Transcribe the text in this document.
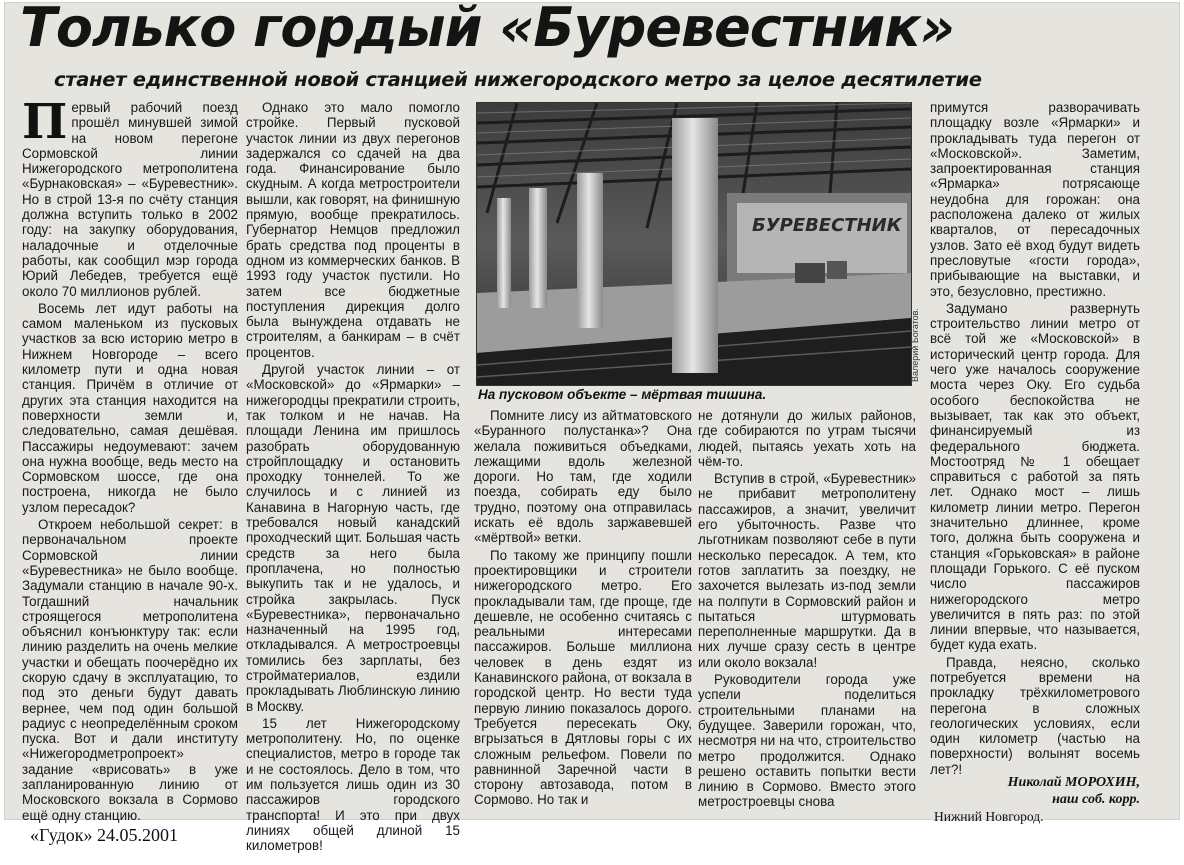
Только гордый «Буревестник»
станет единственной новой станцией нижегородского метро за целое десятилетие

Первый рабочий поезд прошёл минувшей зимой на новом перегоне Сормовской линии Нижегородского метрополитена «Бурнаковская» – «Буревестник». Но в строй 13-я по счёту станция должна вступить только в 2002 году: на закупку оборудования, наладочные и отделочные работы, как сообщил мэр города Юрий Лебедев, требуется ещё около 70 миллионов рублей.

Восемь лет идут работы на самом маленьком из пусковых участков за всю историю метро в Нижнем Новгороде – всего километр пути и одна новая станция. Причём в отличие от других эта станция находится на поверхности земли и, следовательно, самая дешёвая. Пассажиры недоумевают: зачем она нужна вообще, ведь место на Сормовском шоссе, где она построена, никогда не было узлом пересадок?

Откроем небольшой секрет: в первоначальном проекте Сормовской линии «Буревестника» не было вообще. Задумали станцию в начале 90-х. Тогдашний начальник строящегося метрополитена объяснил конъюнктуру так: если линию разделить на очень мелкие участки и обещать поочерёдно их скорую сдачу в эксплуатацию, то под это деньги будут давать вернее, чем под один большой радиус с неопределённым сроком пуска. Вот и дали институту «Нижегородметропроект» задание «врисовать» в уже запланированную линию от Московского вокзала в Сормово ещё одну станцию.

Однако это мало помогло стройке. Первый пусковой участок линии из двух перегонов задержался со сдачей на два года. Финансирование было скудным. А когда метростроители вышли, как говорят, на финишную прямую, вообще прекратилось. Губернатор Немцов предложил брать средства под проценты в одном из коммерческих банков. В 1993 году участок пустили. Но затем все бюджетные поступления дирекция долго была вынуждена отдавать не строителям, а банкирам – в счёт процентов.

Другой участок линии – от «Московской» до «Ярмарки» – нижегородцы прекратили строить, так толком и не начав. На площади Ленина им пришлось разобрать оборудованную стройплощадку и остановить проходку тоннелей. То же случилось и с линией из Канавина в Нагорную часть, где требовался новый канадский проходческий щит. Большая часть средств за него была проплачена, но полностью выкупить так и не удалось, и стройка закрылась. Пуск «Буревестника», первоначально назначенный на 1995 год, откладывался. А метростроевцы томились без зарплаты, без стройматериалов, ездили прокладывать Люблинскую линию в Москву.

15 лет Нижегородскому метрополитену. Но, по оценке специалистов, метро в городе так и не состоялось. Дело в том, что им пользуется лишь один из 30 пассажиров городского транспорта! И это при двух линиях общей длиной 15 километров!

БУРЕВЕСТНИК
Валерий Богатов.
На пусковом объекте – мёртвая тишина.

Помните лису из айтматовского «Буранного полустанка»? Она желала поживиться объедками, лежащими вдоль железной дороги. Но там, где ходили поезда, собирать еду было трудно, поэтому она отправилась искать её вдоль заржавевшей «мёртвой» ветки.

По такому же принципу пошли проектировщики и строители нижегородского метро. Его прокладывали там, где проще, где дешевле, не особенно считаясь с реальными интересами пассажиров. Больше миллиона человек в день ездят из Канавинского района, от вокзала в городской центр. Но вести туда первую линию показалось дорого. Требуется пересекать Оку, вгрызаться в Дятловы горы с их сложным рельефом. Повели по равнинной Заречной части в сторону автозавода, потом в Сормово. Но так и

не дотянули до жилых районов, где собираются по утрам тысячи людей, пытаясь уехать хоть на чём-то.

Вступив в строй, «Буревестник» не прибавит метрополитену пассажиров, а значит, увеличит его убыточность. Разве что льготникам позволяют себе в пути несколько пересадок. А тем, кто готов заплатить за поездку, не захочется вылезать из-под земли на полпути в Сормовский район и пытаться штурмовать переполненные маршрутки. Да в них лучше сразу сесть в центре или около вокзала!

Руководители города уже успели поделиться строительными планами на будущее. Заверили горожан, что, несмотря ни на что, строительство метро продолжится. Однако решено оставить попытки вести линию в Сормово. Вместо этого метростроевцы снова

примутся разворачивать площадку возле «Ярмарки» и прокладывать туда перегон от «Московской». Заметим, запроектированная станция «Ярмарка» потрясающе неудобна для горожан: она расположена далеко от жилых кварталов, от пересадочных узлов. Зато её вход будут видеть пресловутые «гости города», прибывающие на выставки, и это, безусловно, престижно.

Задумано развернуть строительство линии метро от всё той же «Московской» в исторический центр города. Для чего уже началось сооружение моста через Оку. Его судьба особого беспокойства не вызывает, так как это объект, финансируемый из федерального бюджета. Мостоотряд № 1 обещает справиться с работой за пять лет. Однако мост – лишь километр линии метро. Перегон значительно длиннее, кроме того, должна быть сооружена и станция «Горьковская» в районе площади Горького. С её пуском число пассажиров нижегородского метро увеличится в пять раз: по этой линии впервые, что называется, будет куда ехать.

Правда, неясно, сколько потребуется времени на прокладку трёхкилометрового перегона в сложных геологических условиях, если один километр (частью на поверхности) волынят восемь лет?!

Николай МОРОХИН,
наш соб. корр.
Нижний Новгород.
«Гудок» 24.05.2001
